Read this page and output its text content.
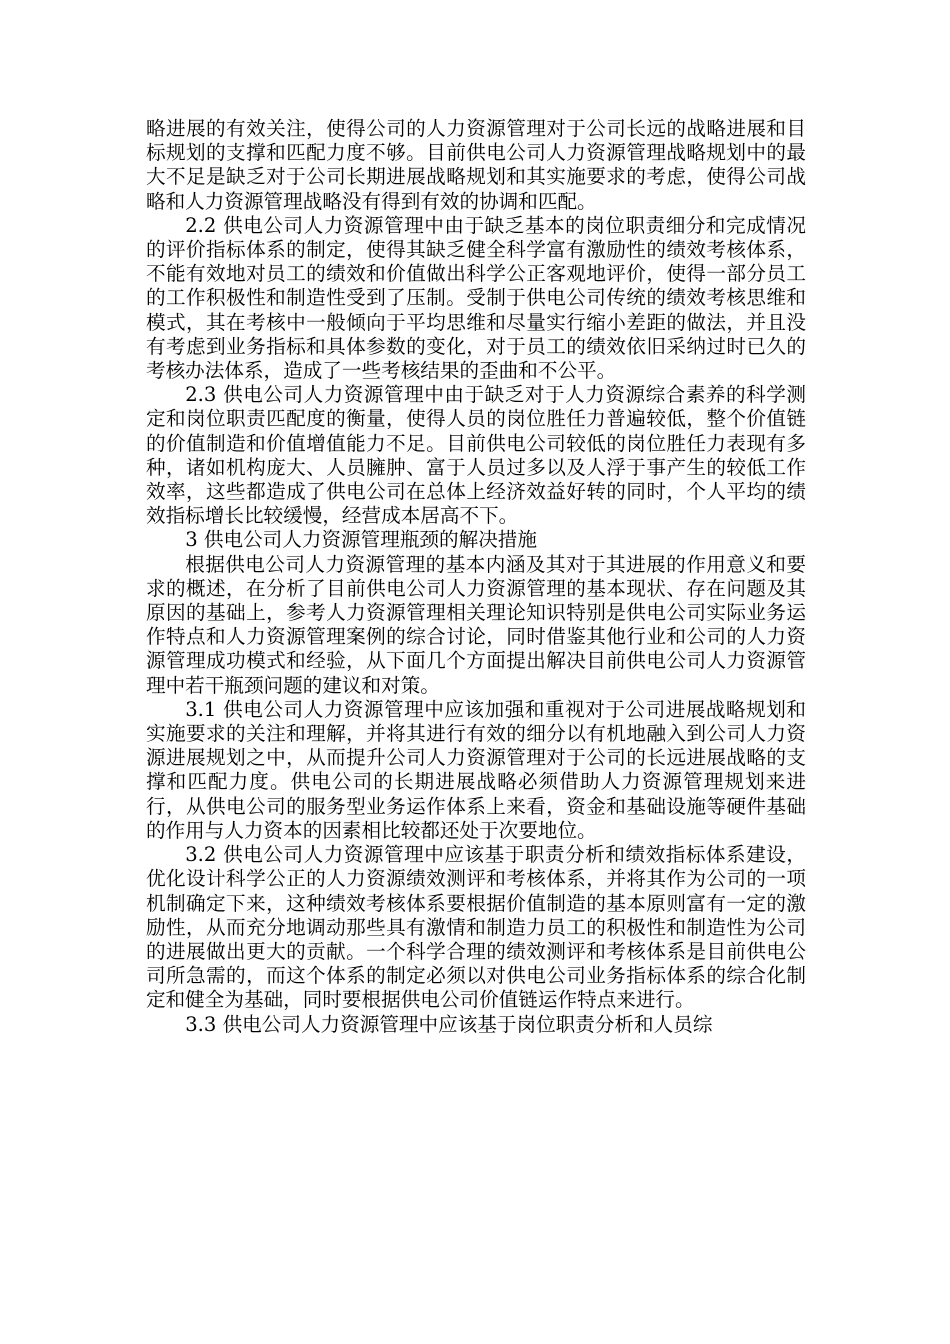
略进展的有效关注，使得公司的人力资源管理对于公司长远的战略进展和目标规划的支撑和匹配力度不够。目前供电公司人力资源管理战略规划中的最大不足是缺乏对于公司长期进展战略规划和其实施要求的考虑，使得公司战略和人力资源管理战略没有得到有效的协调和匹配。

2.2 供电公司人力资源管理中由于缺乏基本的岗位职责细分和完成情况的评价指标体系的制定，使得其缺乏健全科学富有激励性的绩效考核体系，不能有效地对员工的绩效和价值做出科学公正客观地评价，使得一部分员工的工作积极性和制造性受到了压制。受制于供电公司传统的绩效考核思维和模式，其在考核中一般倾向于平均思维和尽量实行缩小差距的做法，并且没有考虑到业务指标和具体参数的变化，对于员工的绩效依旧采纳过时已久的考核办法体系，造成了一些考核结果的歪曲和不公平。

2.3 供电公司人力资源管理中由于缺乏对于人力资源综合素养的科学测定和岗位职责匹配度的衡量，使得人员的岗位胜任力普遍较低，整个价值链的价值制造和价值增值能力不足。目前供电公司较低的岗位胜任力表现有多种，诸如机构庞大、人员臃肿、富于人员过多以及人浮于事产生的较低工作效率，这些都造成了供电公司在总体上经济效益好转的同时，个人平均的绩效指标增长比较缓慢，经营成本居高不下。

3 供电公司人力资源管理瓶颈的解决措施

根据供电公司人力资源管理的基本内涵及其对于其进展的作用意义和要求的概述，在分析了目前供电公司人力资源管理的基本现状、存在问题及其原因的基础上，参考人力资源管理相关理论知识特别是供电公司实际业务运作特点和人力资源管理案例的综合讨论，同时借鉴其他行业和公司的人力资源管理成功模式和经验，从下面几个方面提出解决目前供电公司人力资源管理中若干瓶颈问题的建议和对策。

3.1 供电公司人力资源管理中应该加强和重视对于公司进展战略规划和实施要求的关注和理解，并将其进行有效的细分以有机地融入到公司人力资源进展规划之中，从而提升公司人力资源管理对于公司的长远进展战略的支撑和匹配力度。供电公司的长期进展战略必须借助人力资源管理规划来进行，从供电公司的服务型业务运作体系上来看，资金和基础设施等硬件基础的作用与人力资本的因素相比较都还处于次要地位。

3.2 供电公司人力资源管理中应该基于职责分析和绩效指标体系建设，优化设计科学公正的人力资源绩效测评和考核体系，并将其作为公司的一项机制确定下来，这种绩效考核体系要根据价值制造的基本原则富有一定的激励性，从而充分地调动那些具有激情和制造力员工的积极性和制造性为公司的进展做出更大的贡献。一个科学合理的绩效测评和考核体系是目前供电公司所急需的，而这个体系的制定必须以对供电公司业务指标体系的综合化制定和健全为基础，同时要根据供电公司价值链运作特点来进行。

3.3 供电公司人力资源管理中应该基于岗位职责分析和人员综
